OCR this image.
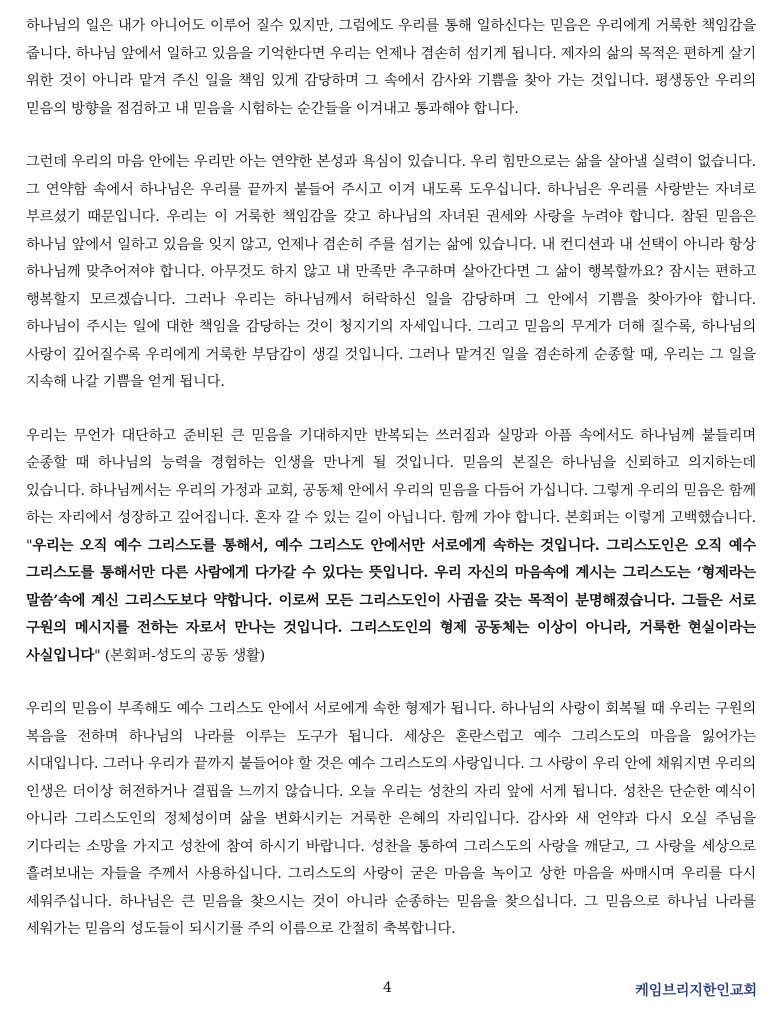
하나님의 일은 내가 아니어도 이루어 질수 있지만, 그럼에도 우리를 통해 일하신다는 믿음은 우리에게 거룩한 책임감을 줍니다. 하나님 앞에서 일하고 있음을 기억한다면 우리는 언제나 겸손히 섬기게 됩니다. 제자의 삶의 목적은 편하게 살기 위한 것이 아니라 맡겨 주신 일을 책임 있게 감당하며 그 속에서 감사와 기쁨을 찾아 가는 것입니다. 평생동안 우리의 믿음의 방향을 점검하고 내 믿음을 시험하는 순간들을 이겨내고 통과해야 합니다.

그런데 우리의 마음 안에는 우리만 아는 연약한 본성과 욕심이 있습니다. 우리 힘만으로는 삶을 살아낼 실력이 없습니다. 그 연약함 속에서 하나님은 우리를 끝까지 붙들어 주시고 이겨 내도록 도우십니다. 하나님은 우리를 사랑받는 자녀로 부르셨기 때문입니다. 우리는 이 거룩한 책임감을 갖고 하나님의 자녀된 권세와 사랑을 누려야 합니다. 참된 믿음은 하나님 앞에서 일하고 있음을 잊지 않고, 언제나 겸손히 주를 섬기는 삶에 있습니다. 내 컨디션과 내 선택이 아니라 항상 하나님께 맞추어져야 합니다. 아무것도 하지 않고 내 만족만 추구하며 살아간다면 그 삶이 행복할까요? 잠시는 편하고 행복할지 모르겠습니다. 그러나 우리는 하나님께서 허락하신 일을 감당하며 그 안에서 기쁨을 찾아가야 합니다. 하나님이 주시는 일에 대한 책임을 감당하는 것이 청지기의 자세입니다. 그리고 믿음의 무게가 더해 질수록, 하나님의 사랑이 깊어질수록 우리에게 거룩한 부담감이 생길 것입니다. 그러나 맡겨진 일을 겸손하게 순종할 때, 우리는 그 일을 지속해 나갈 기쁨을 얻게 됩니다.

우리는 무언가 대단하고 준비된 큰 믿음을 기대하지만 반복되는 쓰러짐과 실망과 아픔 속에서도 하나님께 붙들리며 순종할 때 하나님의 능력을 경험하는 인생을 만나게 될 것입니다. 믿음의 본질은 하나님을 신뢰하고 의지하는데 있습니다. 하나님께서는 우리의 가정과 교회, 공동체 안에서 우리의 믿음을 다듬어 가십니다. 그렇게 우리의 믿음은 함께 하는 자리에서 성장하고 깊어집니다. 혼자 갈 수 있는 길이 아닙니다. 함께 가야 합니다. 본회퍼는 이렇게 고백했습니다. "우리는 오직 예수 그리스도를 통해서, 예수 그리스도 안에서만 서로에게 속하는 것입니다. 그리스도인은 오직 예수 그리스도를 통해서만 다른 사람에게 다가갈 수 있다는 뜻입니다. 우리 자신의 마음속에 계시는 그리스도는 ‘형제라는 말씀’속에 계신 그리스도보다 약합니다. 이로써 모든 그리스도인이 사귐을 갖는 목적이 분명해졌습니다. 그들은 서로 구원의 메시지를 전하는 자로서 만나는 것입니다. 그리스도인의 형제 공동체는 이상이 아니라, 거룩한 현실이라는 사실입니다" (본회퍼-성도의 공동 생활)

우리의 믿음이 부족해도 예수 그리스도 안에서 서로에게 속한 형제가 됩니다. 하나님의 사랑이 회복될 때 우리는 구원의 복음을 전하며 하나님의 나라를 이루는 도구가 됩니다. 세상은 혼란스럽고 예수 그리스도의 마음을 잃어가는 시대입니다. 그러나 우리가 끝까지 붙들어야 할 것은 예수 그리스도의 사랑입니다. 그 사랑이 우리 안에 채워지면 우리의 인생은 더이상 허전하거나 결핍을 느끼지 않습니다. 오늘 우리는 성찬의 자리 앞에 서게 됩니다. 성찬은 단순한 예식이 아니라 그리스도인의 정체성이며 삶을 변화시키는 거룩한 은혜의 자리입니다. 감사와 새 언약과 다시 오실 주님을 기다리는 소망을 가지고 성찬에 참여 하시기 바랍니다. 성찬을 통하여 그리스도의 사랑을 깨닫고, 그 사랑을 세상으로 흘려보내는 자들을 주께서 사용하십니다. 그리스도의 사랑이 굳은 마음을 녹이고 상한 마음을 싸매시며 우리를 다시 세워주십니다. 하나님은 큰 믿음을 찾으시는 것이 아니라 순종하는 믿음을 찾으십니다. 그 믿음으로 하나님 나라를 세워가는 믿음의 성도들이 되시기를 주의 이름으로 간절히 축복합니다.

4	케임브리지한인교회
